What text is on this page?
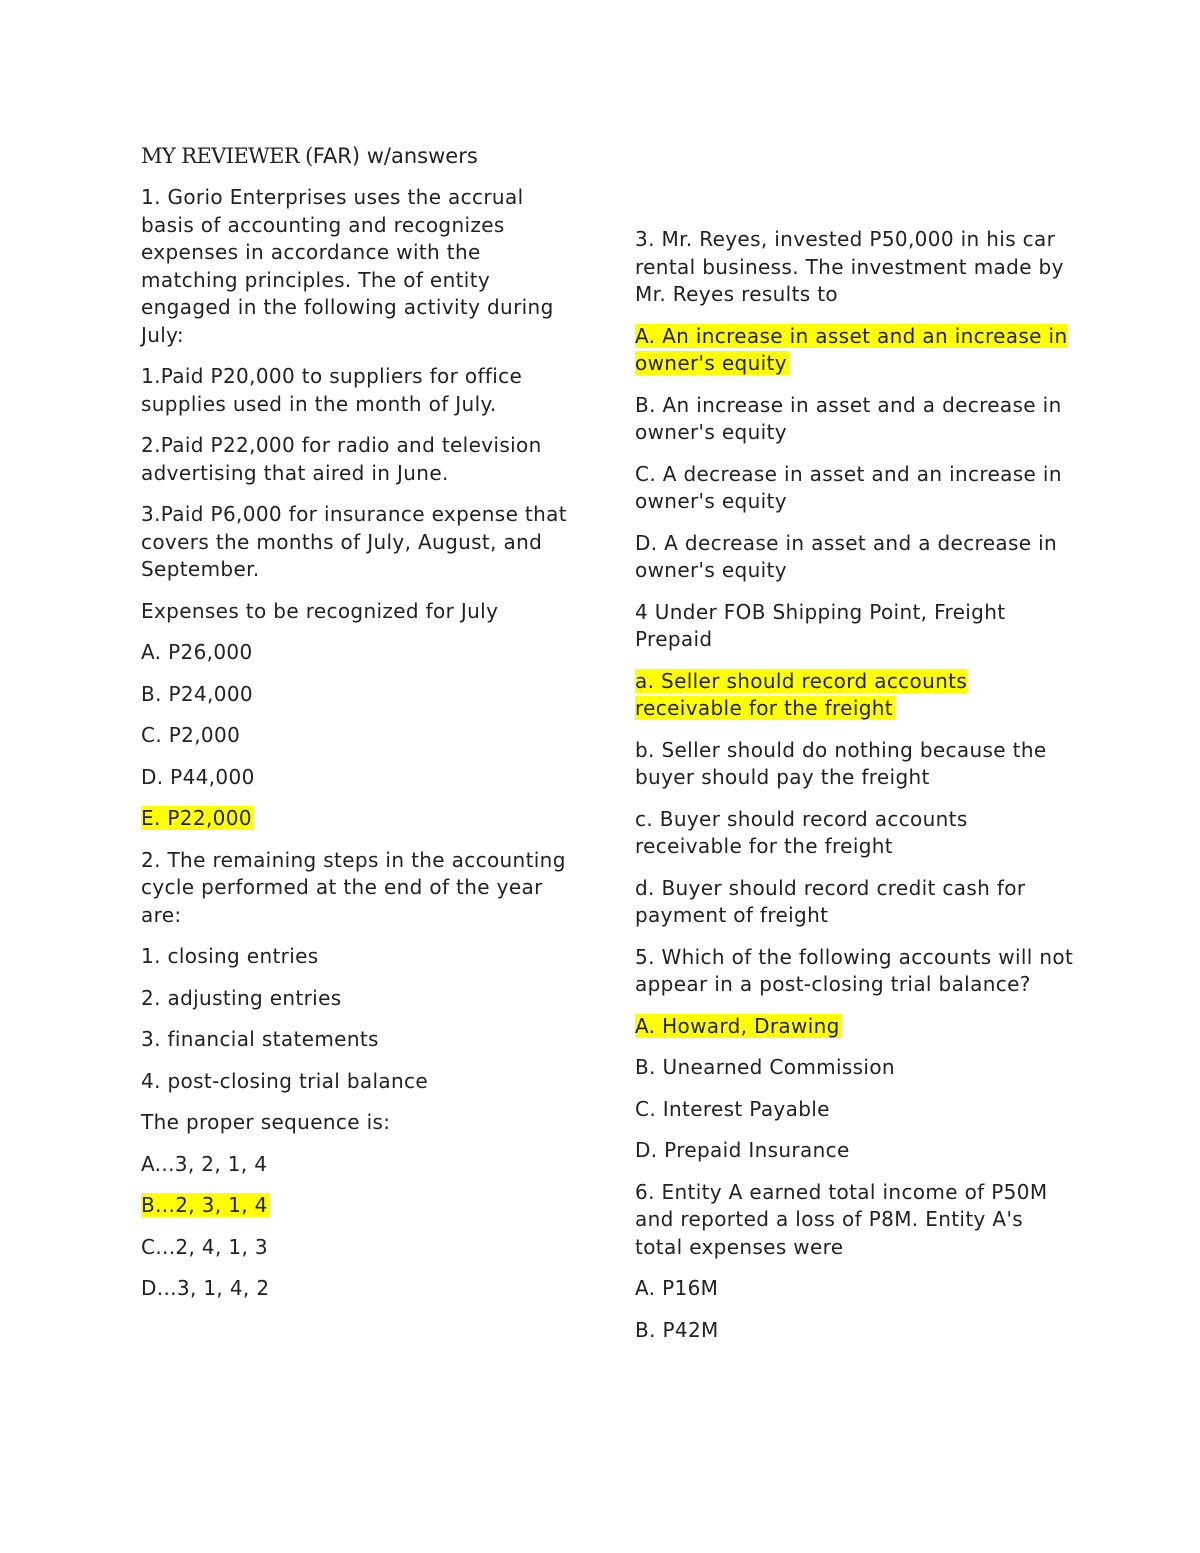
MY REVIEWER (FAR) w/answers

1. Gorio Enterprises uses the accrual basis of accounting and recognizes expenses in accordance with the matching principles. The of entity engaged in the following activity during July:

1.Paid P20,000 to suppliers for office supplies used in the month of July.

2.Paid P22,000 for radio and television advertising that aired in June.

3.Paid P6,000 for insurance expense that covers the months of July, August, and September.

Expenses to be recognized for July

A. P26,000

B. P24,000

C. P2,000

D. P44,000

E. P22,000

2. The remaining steps in the accounting cycle performed at the end of the year are:

1. closing entries

2. adjusting entries

3. financial statements

4. post-closing trial balance

The proper sequence is:

A...3, 2, 1, 4

B...2, 3, 1, 4

C...2, 4, 1, 3

D...3, 1, 4, 2

3. Mr. Reyes, invested P50,000 in his car rental business. The investment made by Mr. Reyes results to

A. An increase in asset and an increase in owner's equity

B. An increase in asset and a decrease in owner's equity

C. A decrease in asset and an increase in owner's equity

D. A decrease in asset and a decrease in owner's equity

4 Under FOB Shipping Point, Freight Prepaid

a. Seller should record accounts receivable for the freight

b. Seller should do nothing because the buyer should pay the freight

c. Buyer should record accounts receivable for the freight

d. Buyer should record credit cash for payment of freight

5. Which of the following accounts will not appear in a post-closing trial balance?

A. Howard, Drawing

B. Unearned Commission

C. Interest Payable

D. Prepaid Insurance

6. Entity A earned total income of P50M and reported a loss of P8M. Entity A's total expenses were

A. P16M

B. P42M
